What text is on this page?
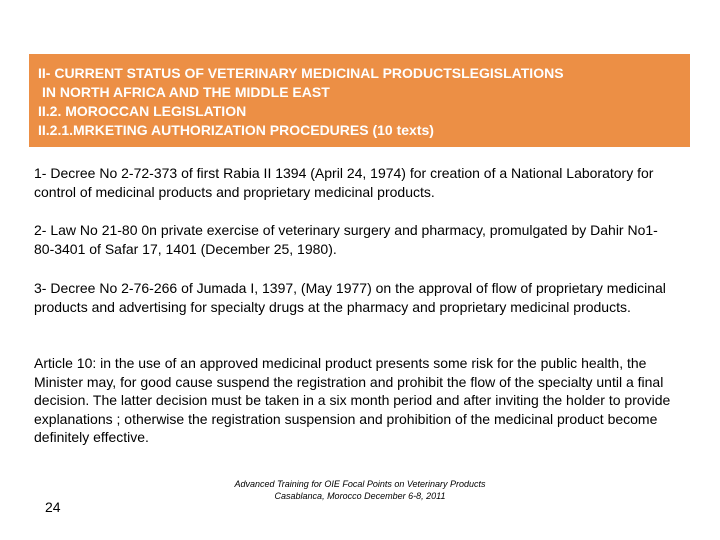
II- CURRENT STATUS OF VETERINARY MEDICINAL PRODUCTSLEGISLATIONS
IN NORTH AFRICA AND THE MIDDLE EAST
II.2. MOROCCAN LEGISLATION
II.2.1.MRKETING AUTHORIZATION PROCEDURES (10 texts)
1- Decree No 2-72-373 of first Rabia II 1394 (April 24, 1974) for creation of a National Laboratory for control of medicinal products and proprietary medicinal products.
2- Law No 21-80 0n private exercise of veterinary surgery and pharmacy, promulgated by Dahir No1-80-3401 of Safar 17, 1401 (December 25, 1980).
3- Decree No 2-76-266 of Jumada I, 1397, (May 1977) on the approval of flow of proprietary medicinal products and advertising for specialty drugs at the pharmacy and proprietary medicinal products.
Article 10: in the use of an approved medicinal product presents some risk for the public health, the Minister may, for good cause suspend the registration and prohibit the flow of the specialty until a final decision. The latter decision must be taken in a six month period and after inviting the holder to provide explanations ; otherwise the registration suspension and prohibition of the medicinal product become definitely effective.
24
Advanced Training for OIE Focal Points on Veterinary Products
Casablanca, Morocco December 6-8, 2011
